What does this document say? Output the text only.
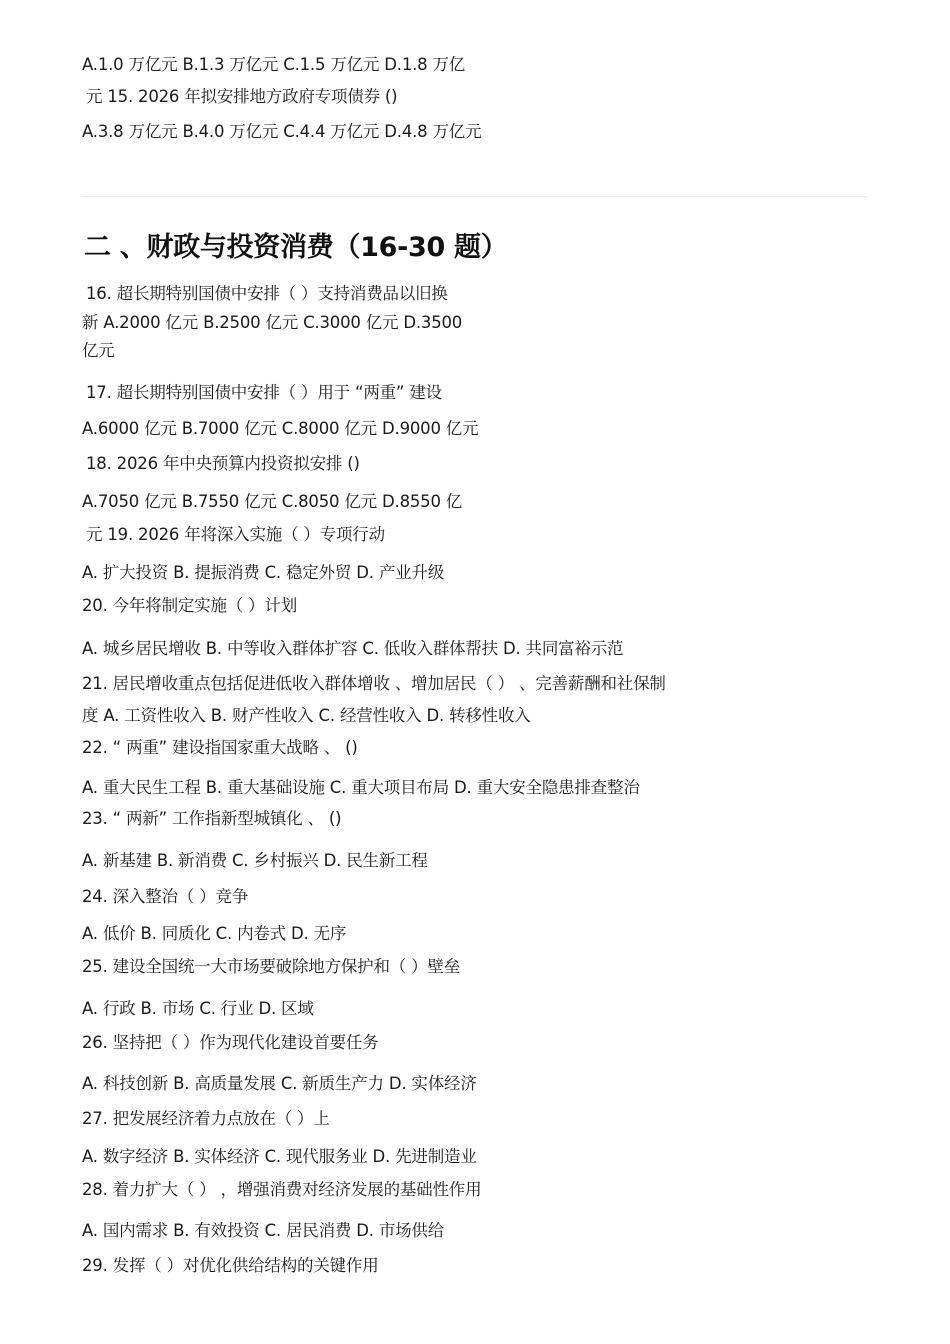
A.1.0 万亿元 B.1.3 万亿元 C.1.5 万亿元 D.1.8 万亿
元 15. 2026 年拟安排地方政府专项债券 ()
A.3.8 万亿元 B.4.0 万亿元 C.4.4 万亿元 D.4.8 万亿元
二 、财政与投资消费（16-30 题）
16. 超长期特别国债中安排（ ）支持消费品以旧换
新 A.2000 亿元 B.2500 亿元 C.3000 亿元 D.3500
亿元
17. 超长期特别国债中安排（ ）用于 “两重” 建设
A.6000 亿元 B.7000 亿元 C.8000 亿元 D.9000 亿元
18. 2026 年中央预算内投资拟安排 ()
A.7050 亿元 B.7550 亿元 C.8050 亿元 D.8550 亿
元 19. 2026 年将深入实施（ ）专项行动
A. 扩大投资 B. 提振消费 C. 稳定外贸 D. 产业升级
20. 今年将制定实施（ ）计划
A. 城乡居民增收 B. 中等收入群体扩容 C. 低收入群体帮扶 D. 共同富裕示范
21. 居民增收重点包括促进低收入群体增收 、增加居民（ ） 、完善薪酬和社保制
度 A. 工资性收入 B. 财产性收入 C. 经营性收入 D. 转移性收入
22. “ 两重” 建设指国家重大战略 、 ()
A. 重大民生工程 B. 重大基础设施 C. 重大项目布局 D. 重大安全隐患排查整治
23. “ 两新” 工作指新型城镇化 、 ()
A. 新基建 B. 新消费 C. 乡村振兴 D. 民生新工程
24. 深入整治（ ）竞争
A. 低价 B. 同质化 C. 内卷式 D. 无序
25. 建设全国统一大市场要破除地方保护和（ ）壁垒
A. 行政 B. 市场 C. 行业 D. 区域
26. 坚持把（ ）作为现代化建设首要任务
A. 科技创新 B. 高质量发展 C. 新质生产力 D. 实体经济
27. 把发展经济着力点放在（ ）上
A. 数字经济 B. 实体经济 C. 现代服务业 D. 先进制造业
28. 着力扩大（ ） ，增强消费对经济发展的基础性作用
A. 国内需求 B. 有效投资 C. 居民消费 D. 市场供给
29. 发挥（ ）对优化供给结构的关键作用
